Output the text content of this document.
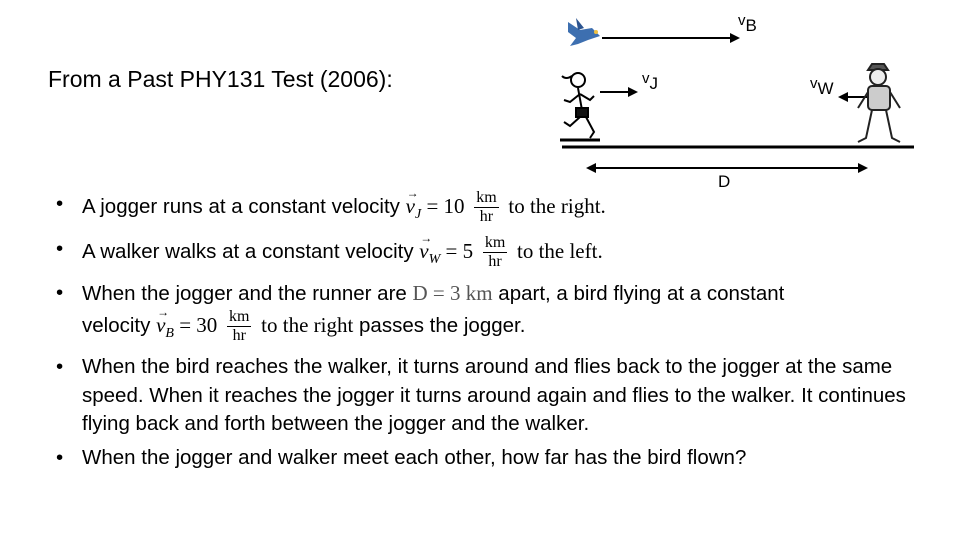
From a Past PHY131 Test (2006):
vB
vJ	vW
D
• A jogger runs at a constant velocity → $v_J = 10 \frac{km}{hr}$ to the right.
• A walker walks at a constant velocity → $v_W = 5 \frac{km}{hr}$ to the left.
• When the jogger and the runner are D = 3 km apart, a bird flying at a constant
velocity → $v_B = 30 \frac{km}{hr}$ to the right passes the jogger.
• When the bird reaches the walker, it turns around and flies back to the jogger at the same speed. When it reaches the jogger it turns around again and flies to the walker. It continues flying back and forth between the jogger and the walker.
• When the jogger and walker meet each other, how far has the bird flown?
